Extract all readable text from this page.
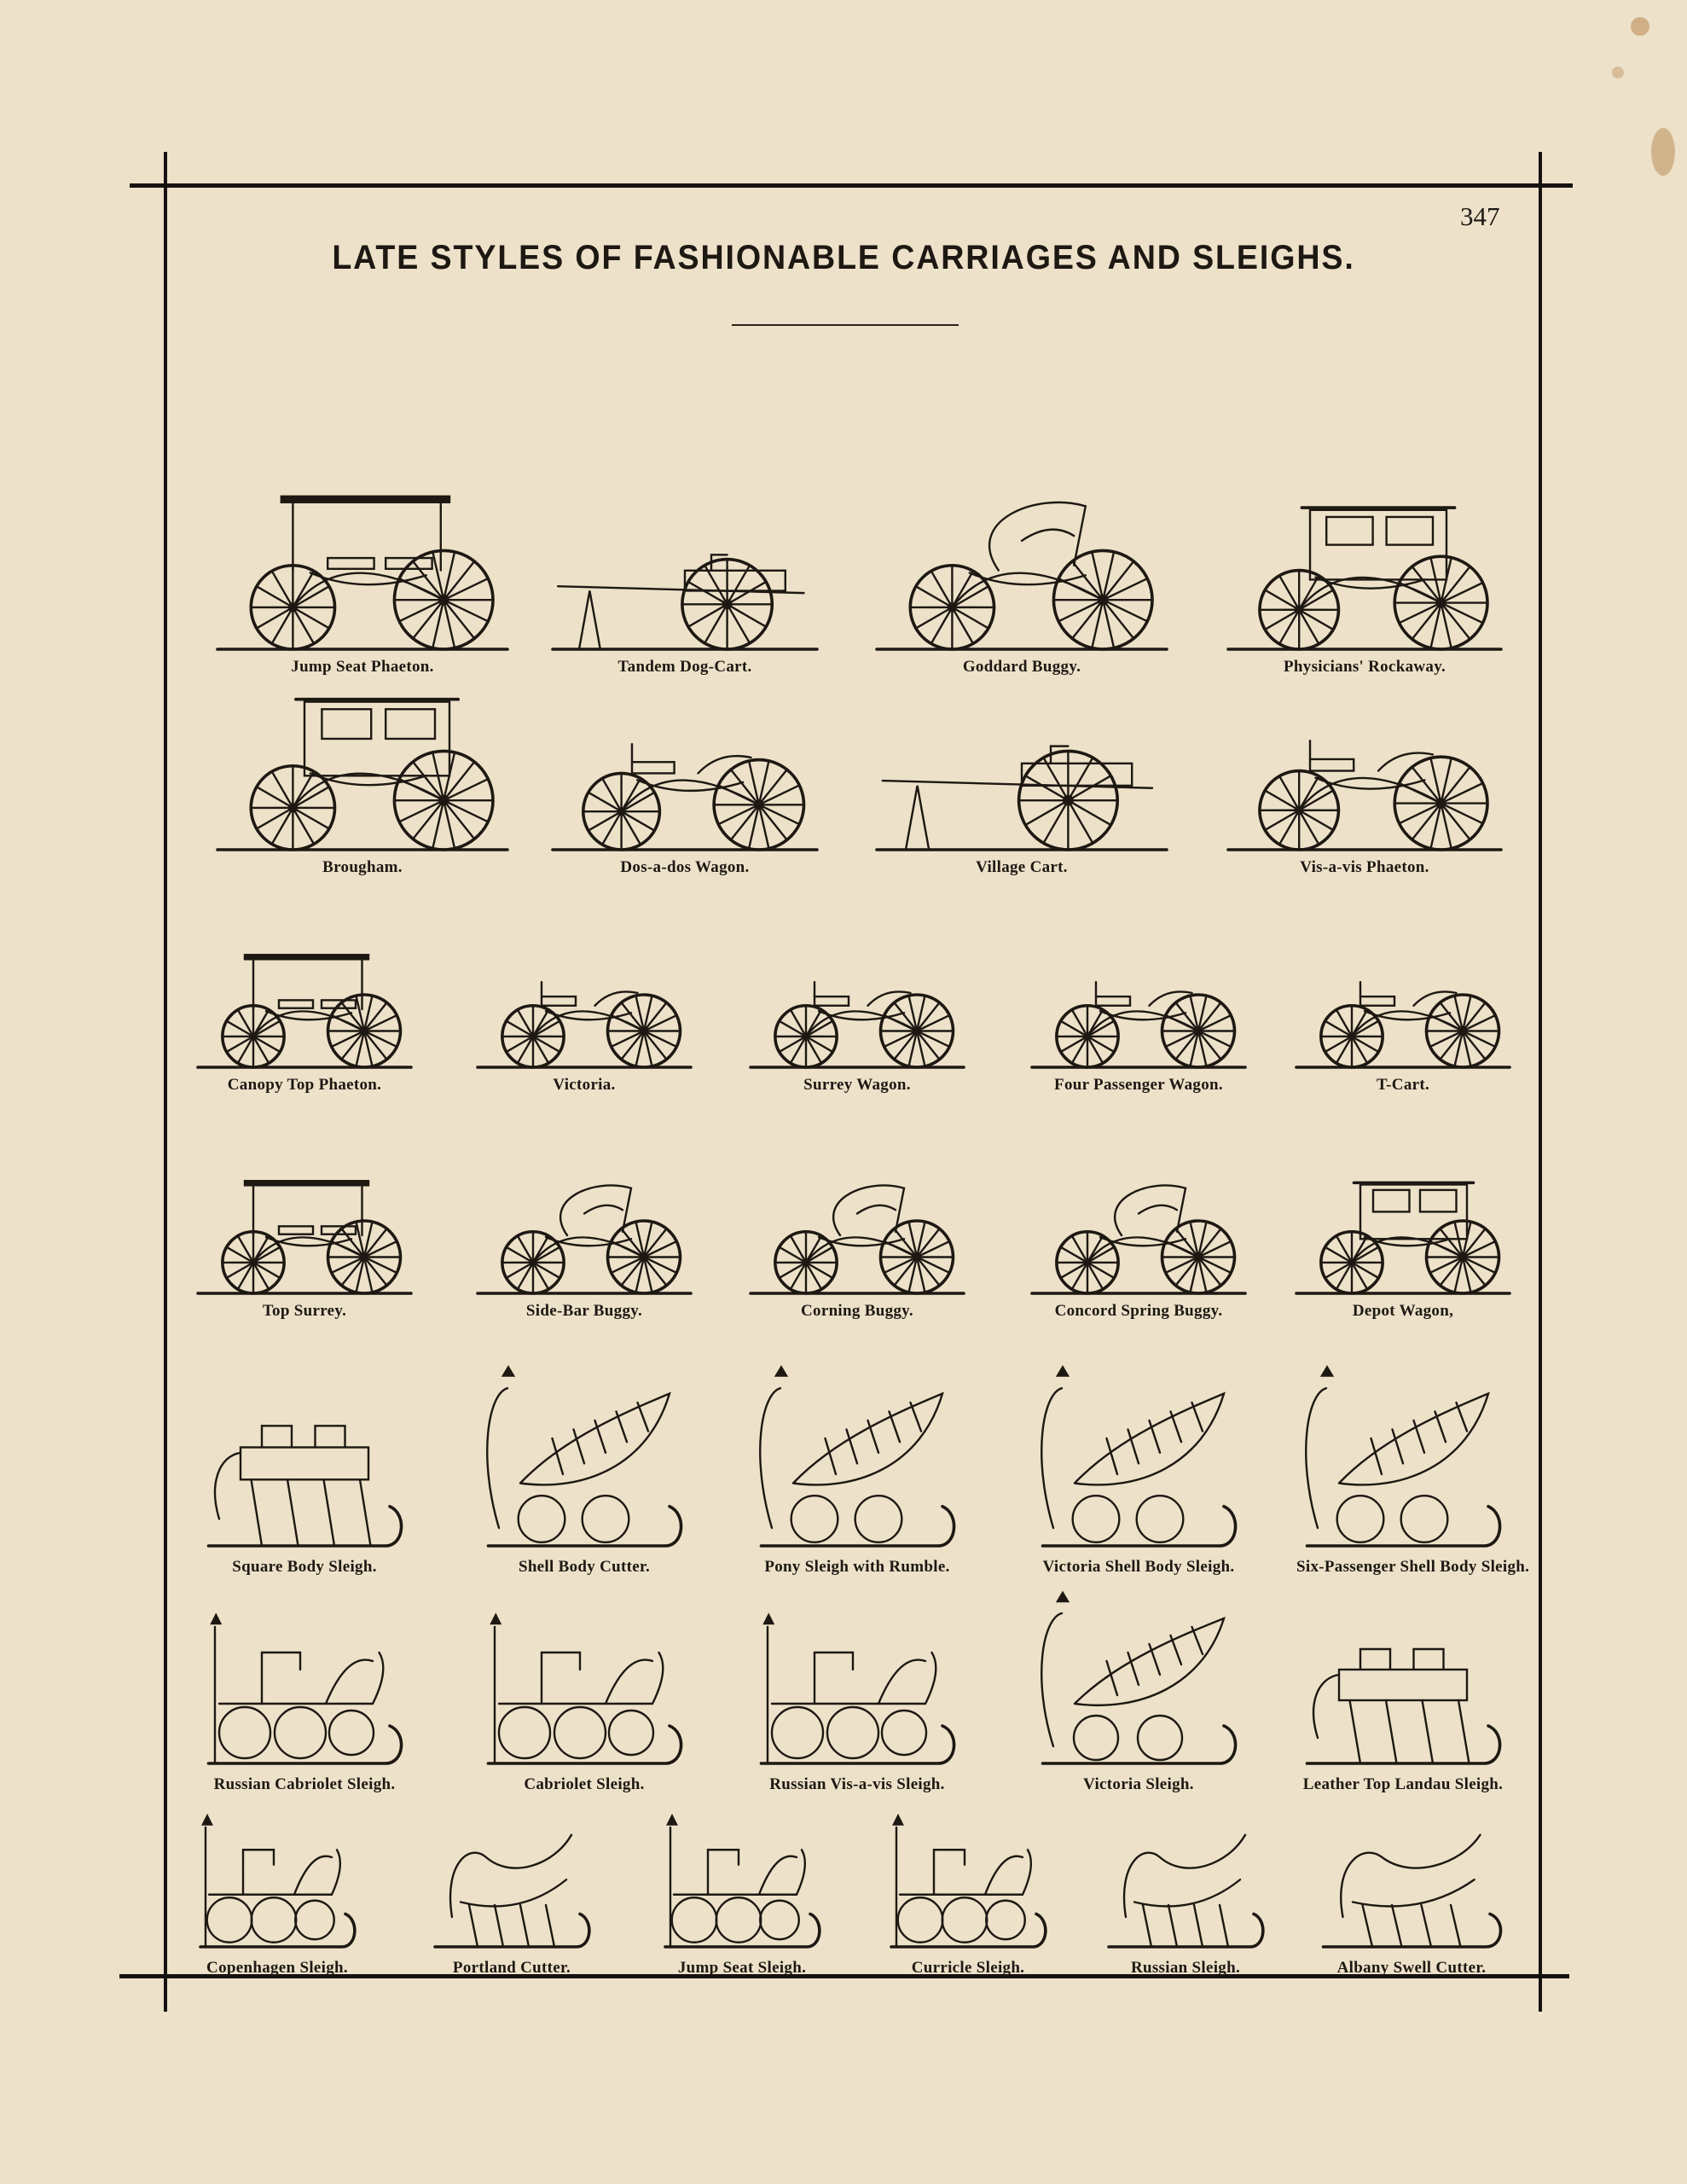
347
LATE STYLES OF FASHIONABLE CARRIAGES AND SLEIGHS.
Jump Seat Phaeton.	Tandem Dog-Cart.	Goddard Buggy.	Physicians' Rockaway.
Brougham.	Dos-a-dos Wagon.	Village Cart.	Vis-a-vis Phaeton.
Canopy Top Phaeton.	Victoria.	Surrey Wagon.	Four Passenger Wagon.	T-Cart.
Top Surrey.	Side-Bar Buggy.	Corning Buggy.	Concord Spring Buggy.	Depot Wagon,
Square Body Sleigh.	Shell Body Cutter.	Pony Sleigh with Rumble.	Victoria Shell Body Sleigh.	Six-Passenger Shell Body Sleigh.
Russian Cabriolet Sleigh.	Cabriolet Sleigh.	Russian Vis-a-vis Sleigh.	Victoria Sleigh.	Leather Top Landau Sleigh.
Copenhagen Sleigh.	Portland Cutter.	Jump Seat Sleigh.	Curricle Sleigh.	Russian Sleigh.	Albany Swell Cutter.
